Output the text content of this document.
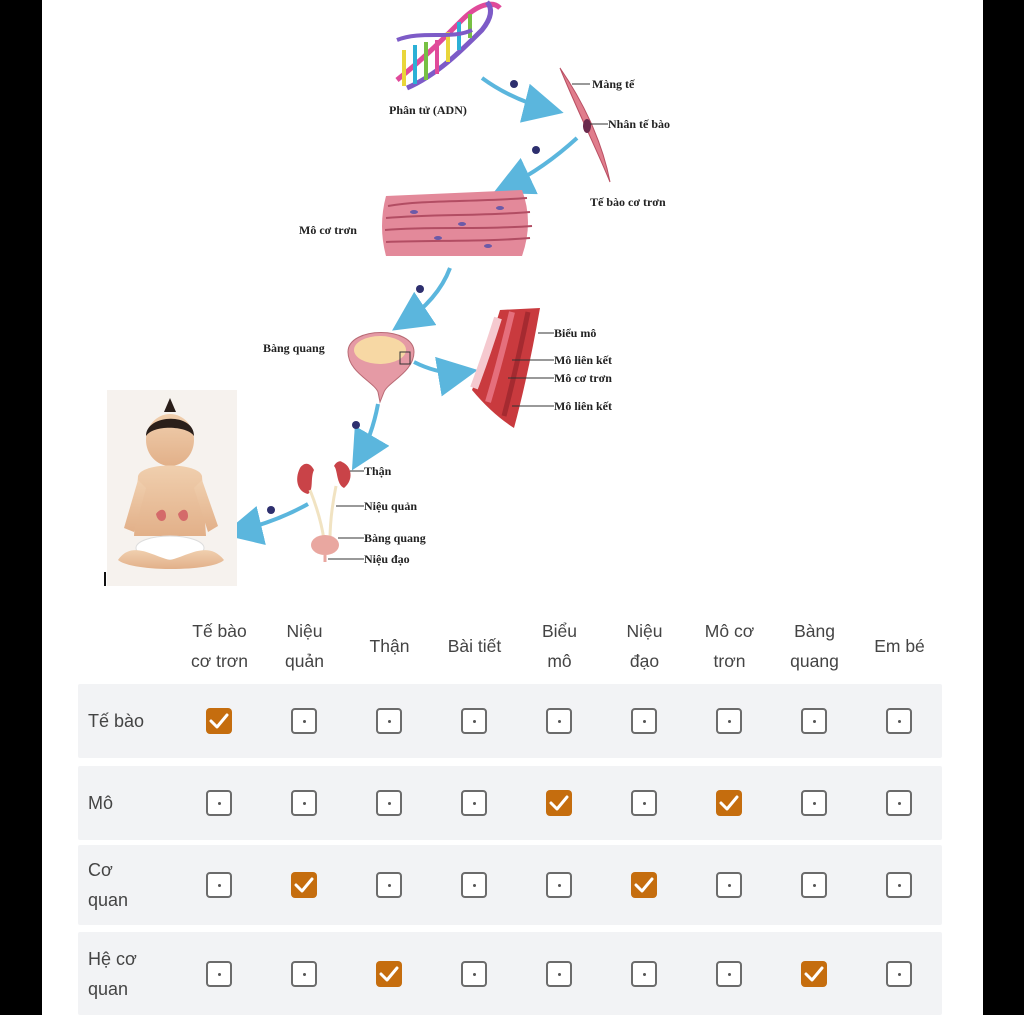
Phân tử (ADN)
Màng tế
Nhân tế bào
Tế bào cơ trơn
Mô cơ trơn
Bàng quang
Biểu mô
Mô liên kết
Mô cơ trơn
Mô liên kết
Thận
Niệu quản
Bàng quang
Niệu đạo
Tế bào
cơ trơn
Niệu
quản
Thận	Bài tiết
Biểu
mô
Niệu
đạo
Mô cơ
trơn
Bàng
quang
Em bé
Tế bào
Mô
Cơ
quan
Hệ cơ
quan
